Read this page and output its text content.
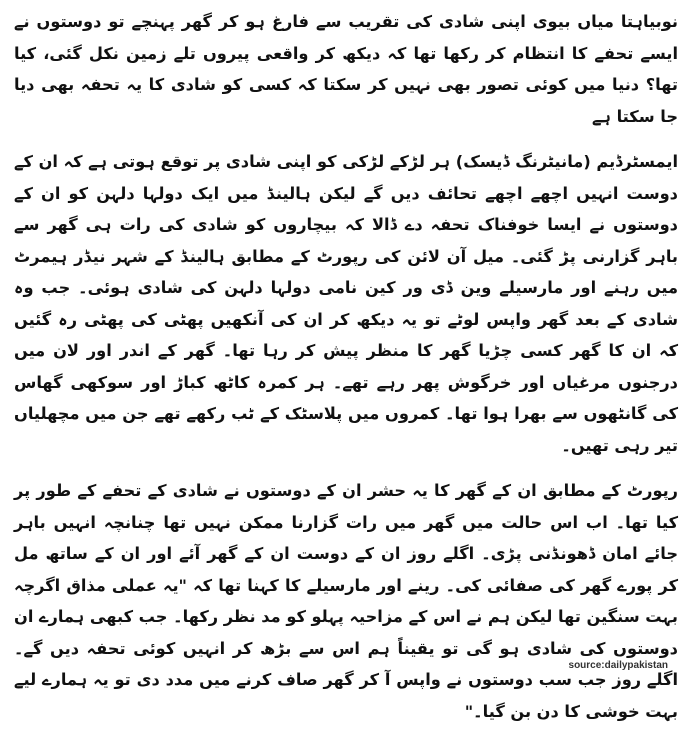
نوبیاہتا میاں بیوی اپنی شادی کی تقریب سے فارغ ہو کر گھر پہنچے تو دوستوں نے ایسے تحفے کا انتظام کر رکھا تھا کہ دیکھ کر واقعی پیروں تلے زمین نکل گئی، کیا تھا؟ دنیا میں کوئی تصور بھی نہیں کر سکتا کہ کسی کو شادی کا یہ تحفہ بھی دیا جا سکتا ہے

ایمسٹرڈیم (مانیٹرنگ ڈیسک) ہر لڑکے لڑکی کو اپنی شادی پر توقع ہوتی ہے کہ ان کے دوست انہیں اچھے اچھے تحائف دیں گے لیکن ہالینڈ میں ایک دولہا دلہن کو ان کے دوستوں نے ایسا خوفناک تحفہ دے ڈالا کہ بیچاروں کو شادی کی رات ہی گھر سے باہر گزارنی پڑ گئی۔ میل آن لائن کی رپورٹ کے مطابق ہالینڈ کے شہر نیڈر ہیمرٹ میں رہنے اور مارسیلے وین ڈی ور کین نامی دولہا دلہن کی شادی ہوئی۔ جب وہ شادی کے بعد گھر واپس لوٹے تو یہ دیکھ کر ان کی آنکھیں پھٹی کی پھٹی رہ گئیں کہ ان کا گھر کسی چڑیا گھر کا منظر پیش کر رہا تھا۔ گھر کے اندر اور لان میں درجنوں مرغیاں اور خرگوش پھر رہے تھے۔ ہر کمرہ کاٹھ کباڑ اور سوکھی گھاس کی گانٹھوں سے بھرا ہوا تھا۔ کمروں میں پلاسٹک کے ٹب رکھے تھے جن میں مچھلیاں تیر رہی تھیں۔

رپورٹ کے مطابق ان کے گھر کا یہ حشر ان کے دوستوں نے شادی کے تحفے کے طور پر کیا تھا۔ اب اس حالت میں گھر میں رات گزارنا ممکن نہیں تھا چنانچہ انہیں باہر جائے امان ڈھونڈنی پڑی۔ اگلے روز ان کے دوست ان کے گھر آئے اور ان کے ساتھ مل کر پورے گھر کی صفائی کی۔ رینے اور مارسیلے کا کہنا تھا کہ "یہ عملی مذاق اگرچہ بہت سنگین تھا لیکن ہم نے اس کے مزاحیہ پہلو کو مد نظر رکھا۔ جب کبھی ہمارے ان دوستوں کی شادی ہو گی تو یقیناً ہم اس سے بڑھ کر انہیں کوئی تحفہ دیں گے۔ اگلے روز جب سب دوستوں نے واپس آ کر گھر صاف کرنے میں مدد دی تو یہ ہمارے لیے بہت خوشی کا دن بن گیا۔"

source:dailypakistan
